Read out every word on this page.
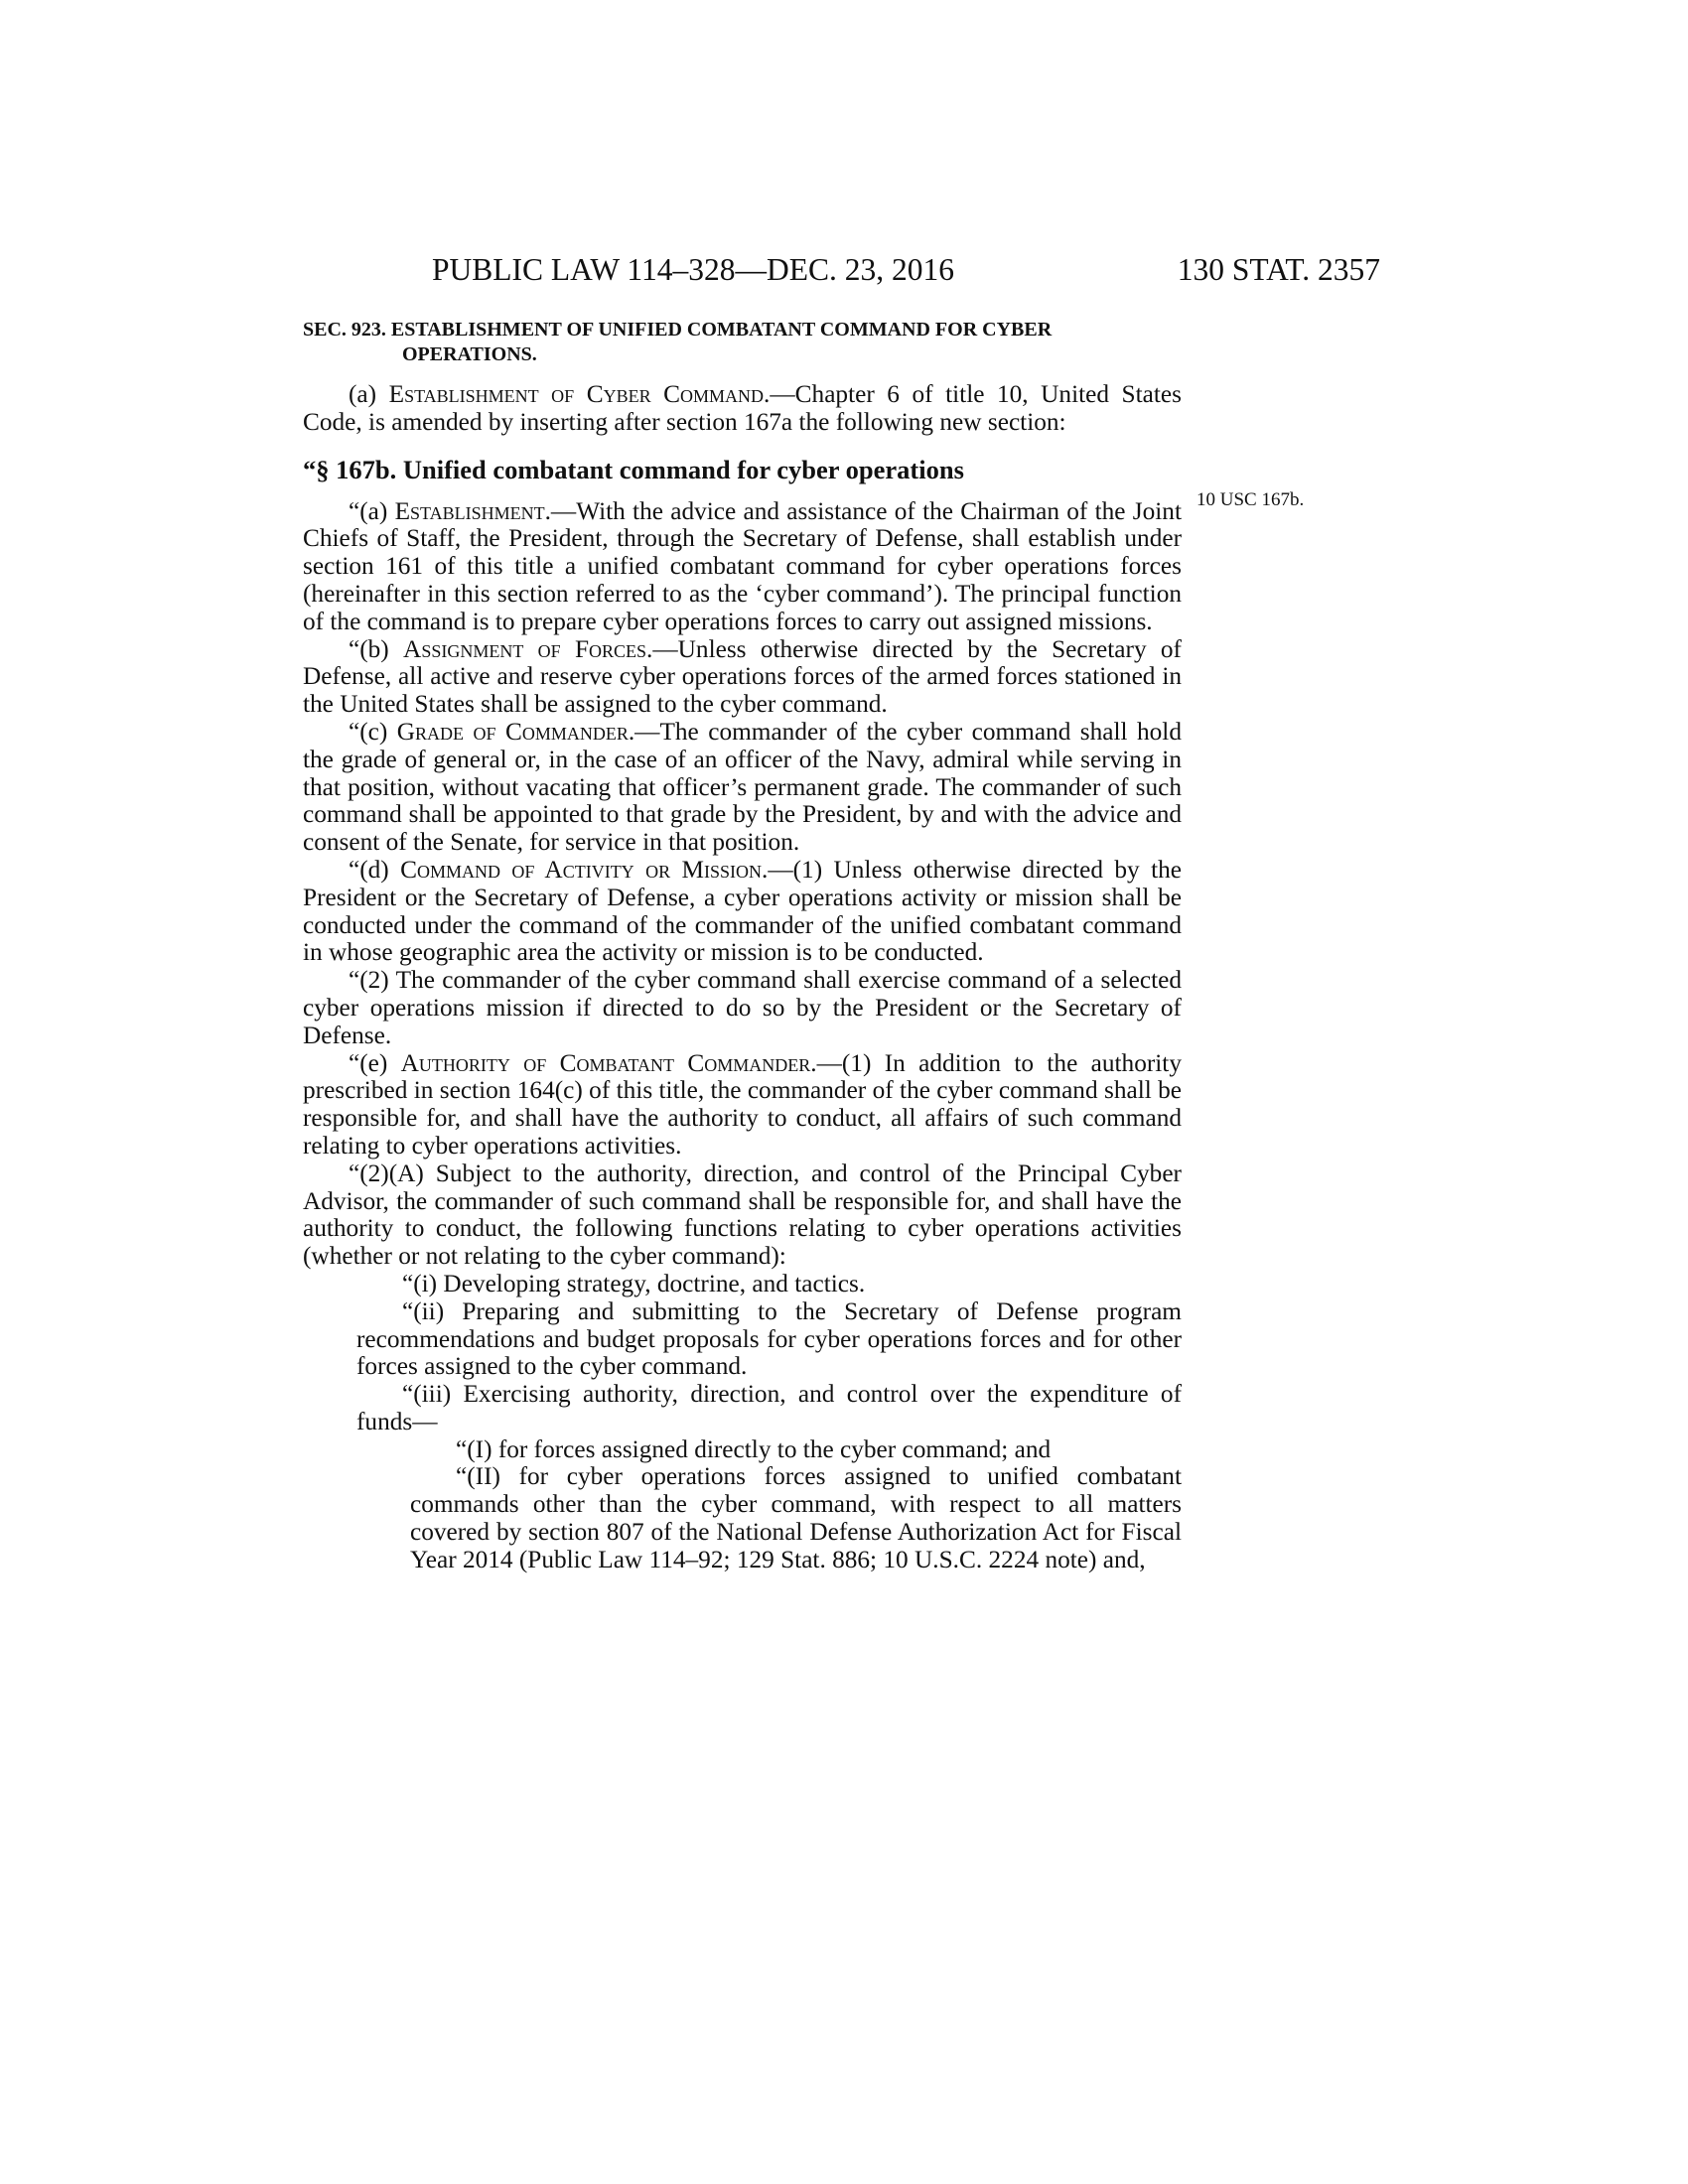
PUBLIC LAW 114–328—DEC. 23, 2016	130 STAT. 2357
10 USC 167b.
SEC. 923. ESTABLISHMENT OF UNIFIED COMBATANT COMMAND FOR CYBER OPERATIONS.

(a) Establishment of Cyber Command.—Chapter 6 of title 10, United States Code, is amended by inserting after section 167a the following new section:

“§ 167b. Unified combatant command for cyber operations

“(a) Establishment.—With the advice and assistance of the Chairman of the Joint Chiefs of Staff, the President, through the Secretary of Defense, shall establish under section 161 of this title a unified combatant command for cyber operations forces (hereinafter in this section referred to as the ‘cyber command’). The principal function of the command is to prepare cyber operations forces to carry out assigned missions.

“(b) Assignment of Forces.—Unless otherwise directed by the Secretary of Defense, all active and reserve cyber operations forces of the armed forces stationed in the United States shall be assigned to the cyber command.

“(c) Grade of Commander.—The commander of the cyber command shall hold the grade of general or, in the case of an officer of the Navy, admiral while serving in that position, without vacating that officer’s permanent grade. The commander of such command shall be appointed to that grade by the President, by and with the advice and consent of the Senate, for service in that position.

“(d) Command of Activity or Mission.—(1) Unless otherwise directed by the President or the Secretary of Defense, a cyber operations activity or mission shall be conducted under the command of the commander of the unified combatant command in whose geographic area the activity or mission is to be conducted.

“(2) The commander of the cyber command shall exercise command of a selected cyber operations mission if directed to do so by the President or the Secretary of Defense.

“(e) Authority of Combatant Commander.—(1) In addition to the authority prescribed in section 164(c) of this title, the commander of the cyber command shall be responsible for, and shall have the authority to conduct, all affairs of such command relating to cyber operations activities.

“(2)(A) Subject to the authority, direction, and control of the Principal Cyber Advisor, the commander of such command shall be responsible for, and shall have the authority to conduct, the following functions relating to cyber operations activities (whether or not relating to the cyber command):

“(i) Developing strategy, doctrine, and tactics.

“(ii) Preparing and submitting to the Secretary of Defense program recommendations and budget proposals for cyber operations forces and for other forces assigned to the cyber command.

“(iii) Exercising authority, direction, and control over the expenditure of funds—

“(I) for forces assigned directly to the cyber command; and

“(II) for cyber operations forces assigned to unified combatant commands other than the cyber command, with respect to all matters covered by section 807 of the National Defense Authorization Act for Fiscal Year 2014 (Public Law 114–92; 129 Stat. 886; 10 U.S.C. 2224 note) and,
